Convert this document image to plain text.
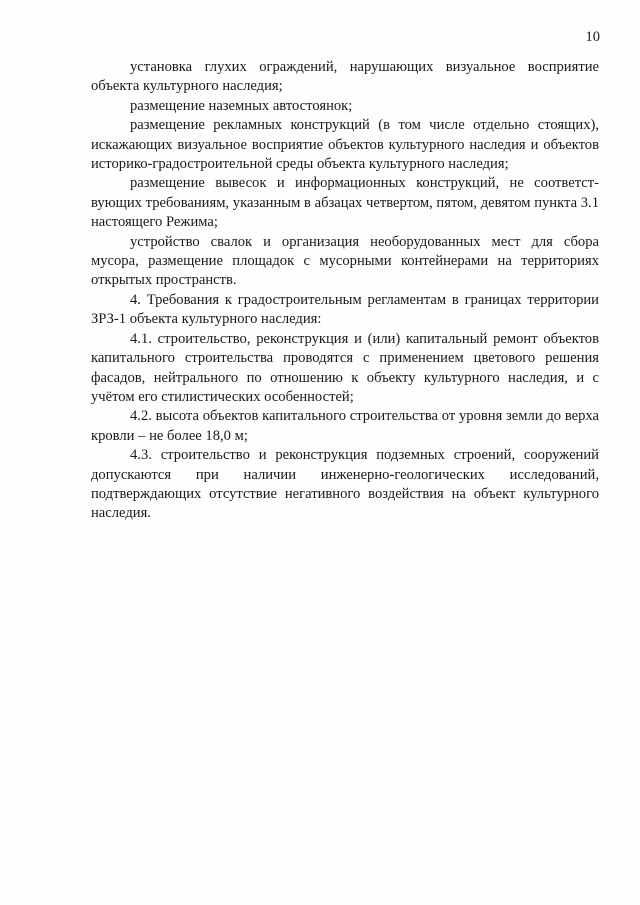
10

установка глухих ограждений, нарушающих визуальное восприятие объекта культурного наследия;

размещение наземных автостоянок;

размещение рекламных конструкций (в том числе отдельно стоящих), искажающих визуальное восприятие объектов культурного наследия и объектов историко-градостроительной среды объекта культурного наследия;

размещение вывесок и информационных конструкций, не соответствующих требованиям, указанным в абзацах четвертом, пятом, девятом пункта 3.1 настоящего Режима;

устройство свалок и организация необорудованных мест для сбора мусора, размещение площадок с мусорными контейнерами на территориях открытых пространств.

4. Требования к градостроительным регламентам в границах территории ЗРЗ-1 объекта культурного наследия:

4.1. строительство, реконструкция и (или) капитальный ремонт объектов капитального строительства проводятся с применением цветового решения фасадов, нейтрального по отношению к объекту культурного наследия, и с учётом его стилистических особенностей;

4.2. высота объектов капитального строительства от уровня земли до верха кровли – не более 18,0 м;

4.3. строительство и реконструкция подземных строений, сооружений допускаются при наличии инженерно-геологических исследований, подтверждающих отсутствие негативного воздействия на объект культурного наследия.
